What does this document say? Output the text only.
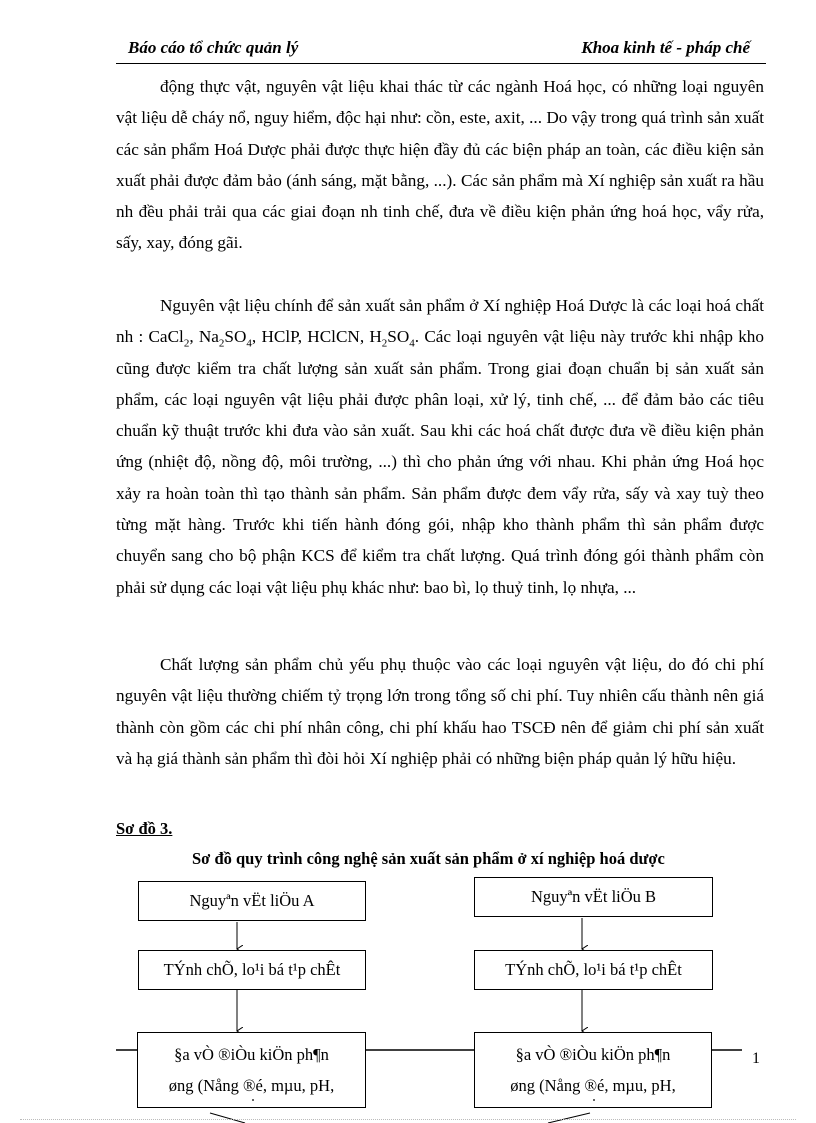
Báo cáo tổ chức quản lý	Khoa kinh tế - pháp chế

động thực vật, nguyên vật liệu khai thác từ các ngành Hoá học, có những loại nguyên vật liệu dễ cháy nổ, nguy hiểm, độc hại như: cồn, este, axit, ... Do vậy trong quá trình sản xuất các sản phẩm Hoá Dược phải được thực hiện đầy đủ các biện pháp an toàn, các điều kiện sản xuất phải được đảm bảo (ánh sáng, mặt bằng, ...). Các sản phẩm mà Xí nghiệp sản xuất ra hầu nh đều phải trải qua các giai đoạn nh tinh chế, đưa về điều kiện phản ứng hoá học, vẩy rửa, sấy, xay, đóng gãi.

Nguyên vật liệu chính để sản xuất sản phẩm ở Xí nghiệp Hoá Dược là các loại hoá chất nh : CaCl$_2$, $Na_2SO_4$, HClP, HClCN, $H_2SO_4$. Các loại nguyên vật liệu này trước khi nhập kho cũng được kiểm tra chất lượng sản xuất sản phẩm. Trong giai đoạn chuẩn bị sản xuất sản phẩm, các loại nguyên vật liệu phải được phân loại, xử lý, tinh chế, ... để đảm bảo các tiêu chuẩn kỹ thuật trước khi đưa vào sản xuất. Sau khi các hoá chất được đưa về điều kiện phản ứng (nhiệt độ, nồng độ, môi trường, ...) thì cho phản ứng với nhau. Khi phản ứng Hoá học xảy ra hoàn toàn thì tạo thành sản phẩm. Sản phẩm được đem vẩy rửa, sấy và xay tuỳ theo từng mặt hàng. Trước khi tiến hành đóng gói, nhập kho thành phẩm thì sản phẩm được chuyển sang cho bộ phận KCS để kiểm tra chất lượng. Quá trình đóng gói thành phẩm còn phải sử dụng các loại vật liệu phụ khác như: bao bì, lọ thuỷ tinh, lọ nhựa, ...

Chất lượng sản phẩm chủ yếu phụ thuộc vào các loại nguyên vật liệu, do đó chi phí nguyên vật liệu thường chiếm tỷ trọng lớn trong tổng số chi phí. Tuy nhiên cấu thành nên giá thành còn gồm các chi phí nhân công, chi phí khấu hao TSCĐ nên để giảm chi phí sản xuất và hạ giá thành sản phẩm thì đòi hỏi Xí nghiệp phải có những biện pháp quản lý hữu hiệu.

Sơ đồ 3.
Sơ đồ quy trình công nghệ sản xuất sản phẩm ở xí nghiệp hoá dược
Nguyªn vËt liÖu A	Nguyªn vËt liÖu B
TÝnh chÕ, lo¹i bá t¹p chÊt	TÝnh chÕ, lo¹i bá t¹p chÊt
§a vÒ ®iÒu kiÖn ph¶n
øng (Nång ®é, mµu, pH,
§a vÒ ®iÒu kiÖn ph¶n
øng (Nång ®é, mµu, pH,
1
